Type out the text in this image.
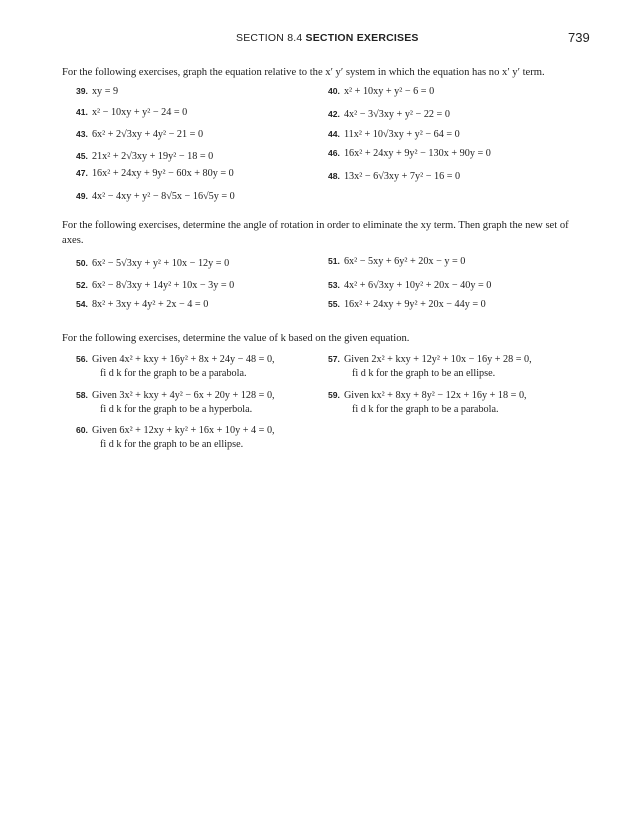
SECTION 8.4 SECTION EXERCISES	739
For the following exercises, graph the equation relative to the x′ y′ system in which the equation has no x′ y′ term.
39. xy = 9	40. x² + 10xy + y² − 6 = 0
41. x² − 10xy + y² − 24 = 0	42. 4x² − 3√3xy + y² − 22 = 0
43. 6x² + 2√3xy + 4y² − 21 = 0	44. 11x² + 10√3xy + y² − 64 = 0
45. 21x² + 2√3xy + 19y² − 18 = 0	46. 16x² + 24xy + 9y² − 130x + 90y = 0
47. 16x² + 24xy + 9y² − 60x + 80y = 0	48. 13x² − 6√3xy + 7y² − 16 = 0
49. 4x² − 4xy + y² − 8√5x − 16√5y = 0
For the following exercises, determine the angle of rotation in order to eliminate the xy term. Then graph the new set of axes.
50. 6x² − 5√3xy + y² + 10x − 12y = 0	51. 6x² − 5xy + 6y² + 20x − y = 0
52. 6x² − 8√3xy + 14y² + 10x − 3y = 0	53. 4x² + 6√3xy + 10y² + 20x − 40y = 0
54. 8x² + 3xy + 4y² + 2x − 4 = 0	55. 16x² + 24xy + 9y² + 20x − 44y = 0
For the following exercises, determine the value of k based on the given equation.
56. Given 4x² + kxy + 16y² + 8x + 24y − 48 = 0,
fi d k for the graph to be a parabola.
57. Given 2x² + kxy + 12y² + 10x − 16y + 28 = 0,
fi d k for the graph to be an ellipse.
58. Given 3x² + kxy + 4y² − 6x + 20y + 128 = 0,
fi d k for the graph to be a hyperbola.
59. Given kx² + 8xy + 8y² − 12x + 16y + 18 = 0,
fi d k for the graph to be a parabola.
60. Given 6x² + 12xy + ky² + 16x + 10y + 4 = 0,
fi d k for the graph to be an ellipse.
